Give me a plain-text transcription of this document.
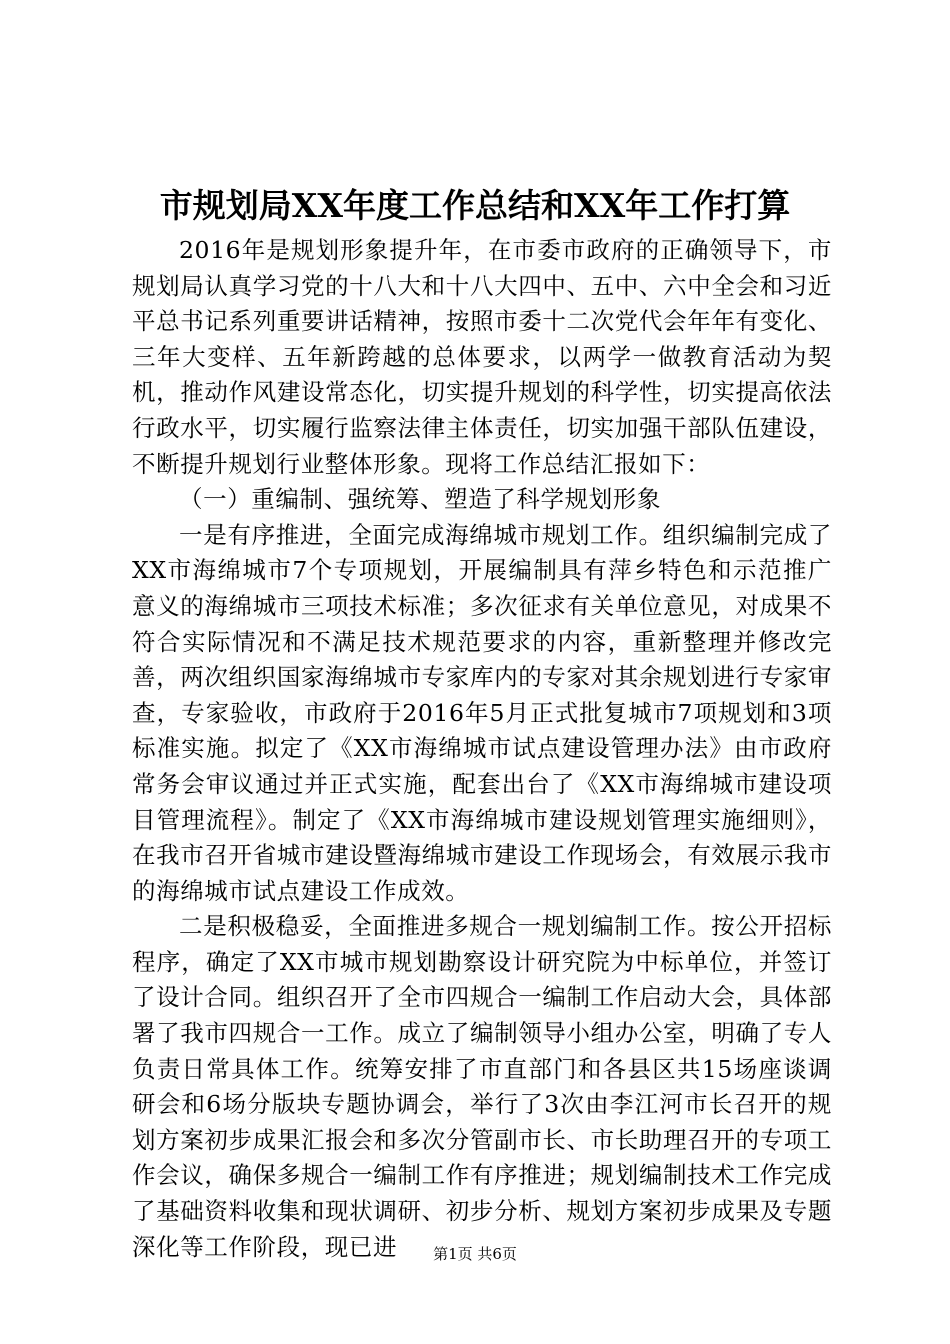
市规划局XX年度工作总结和XX年工作打算

2016年是规划形象提升年，在市委市政府的正确领导下，市规划局认真学习党的十八大和十八大四中、五中、六中全会和习近平总书记系列重要讲话精神，按照市委十二次党代会年年有变化、三年大变样、五年新跨越的总体要求，以两学一做教育活动为契机，推动作风建设常态化，切实提升规划的科学性，切实提高依法行政水平，切实履行监察法律主体责任，切实加强干部队伍建设，不断提升规划行业整体形象。现将工作总结汇报如下：

（一）重编制、强统筹、塑造了科学规划形象

一是有序推进，全面完成海绵城市规划工作。组织编制完成了XX市海绵城市7个专项规划，开展编制具有萍乡特色和示范推广意义的海绵城市三项技术标准；多次征求有关单位意见，对成果不符合实际情况和不满足技术规范要求的内容，重新整理并修改完善，两次组织国家海绵城市专家库内的专家对其余规划进行专家审查，专家验收，市政府于2016年5月正式批复城市7项规划和3项标准实施。拟定了《XX市海绵城市试点建设管理办法》由市政府常务会审议通过并正式实施，配套出台了《XX市海绵城市建设项目管理流程》。制定了《XX市海绵城市建设规划管理实施细则》，在我市召开省城市建设暨海绵城市建设工作现场会，有效展示我市的海绵城市试点建设工作成效。

二是积极稳妥，全面推进多规合一规划编制工作。按公开招标程序，确定了XX市城市规划勘察设计研究院为中标单位，并签订了设计合同。组织召开了全市四规合一编制工作启动大会，具体部署了我市四规合一工作。成立了编制领导小组办公室，明确了专人负责日常具体工作。统筹安排了市直部门和各县区共15场座谈调研会和6场分版块专题协调会，举行了3次由李江河市长召开的规划方案初步成果汇报会和多次分管副市长、市长助理召开的专项工作会议，确保多规合一编制工作有序推进；规划编制技术工作完成了基础资料收集和现状调研、初步分析、规划方案初步成果及专题深化等工作阶段，现已进	第1页 共6页
